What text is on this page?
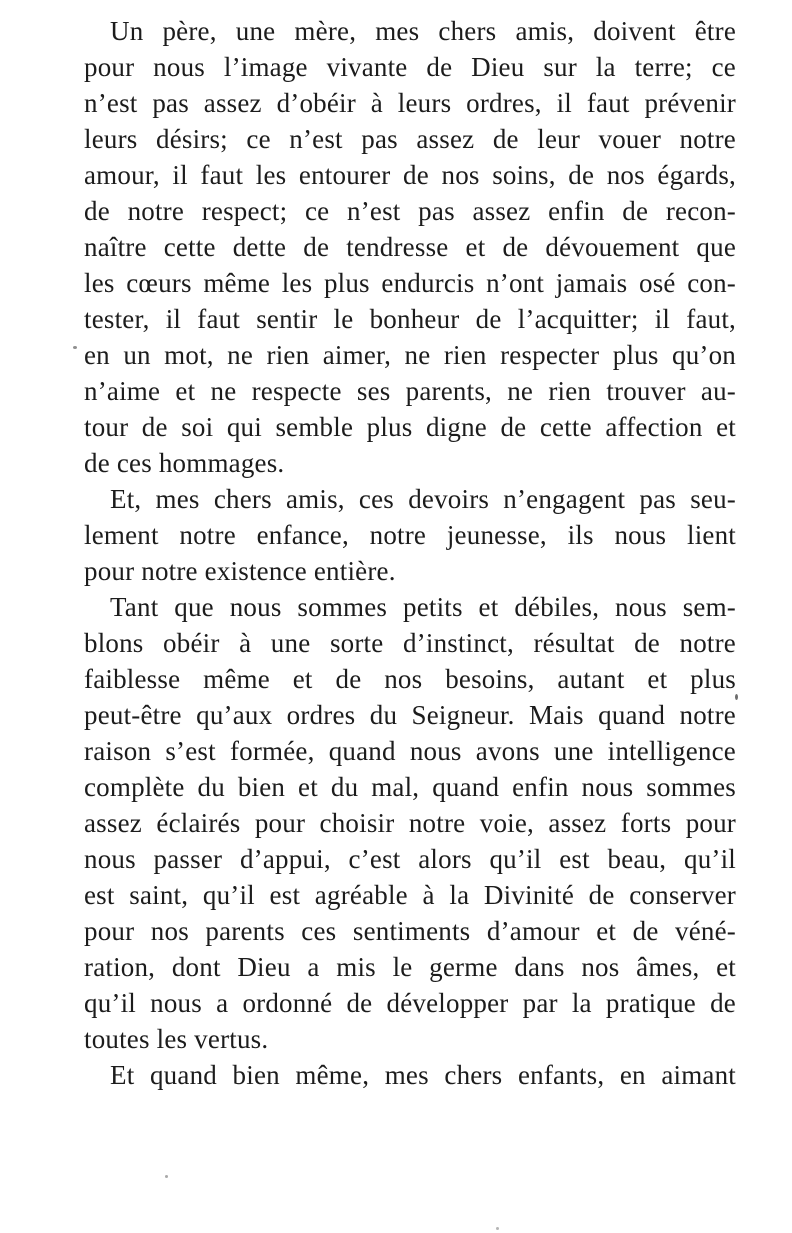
Un père, une mère, mes chers amis, doivent être
pour nous l’image vivante de Dieu sur la terre; ce
n’est pas assez d’obéir à leurs ordres, il faut prévenir
leurs désirs; ce n’est pas assez de leur vouer notre
amour, il faut les entourer de nos soins, de nos égards,
de notre respect; ce n’est pas assez enfin de recon-
naître cette dette de tendresse et de dévouement que
les cœurs même les plus endurcis n’ont jamais osé con-
tester, il faut sentir le bonheur de l’acquitter; il faut,
en un mot, ne rien aimer, ne rien respecter plus qu’on
n’aime et ne respecte ses parents, ne rien trouver au-
tour de soi qui semble plus digne de cette affection et
de ces hommages.
Et, mes chers amis, ces devoirs n’engagent pas seu-
lement notre enfance, notre jeunesse, ils nous lient
pour notre existence entière.
Tant que nous sommes petits et débiles, nous sem-
blons obéir à une sorte d’instinct, résultat de notre
faiblesse même et de nos besoins, autant et plus
peut-être qu’aux ordres du Seigneur. Mais quand notre
raison s’est formée, quand nous avons une intelligence
complète du bien et du mal, quand enfin nous sommes
assez éclairés pour choisir notre voie, assez forts pour
nous passer d’appui, c’est alors qu’il est beau, qu’il
est saint, qu’il est agréable à la Divinité de conserver
pour nos parents ces sentiments d’amour et de véné-
ration, dont Dieu a mis le germe dans nos âmes, et
qu’il nous a ordonné de développer par la pratique de
toutes les vertus.
Et quand bien même, mes chers enfants, en aimant
